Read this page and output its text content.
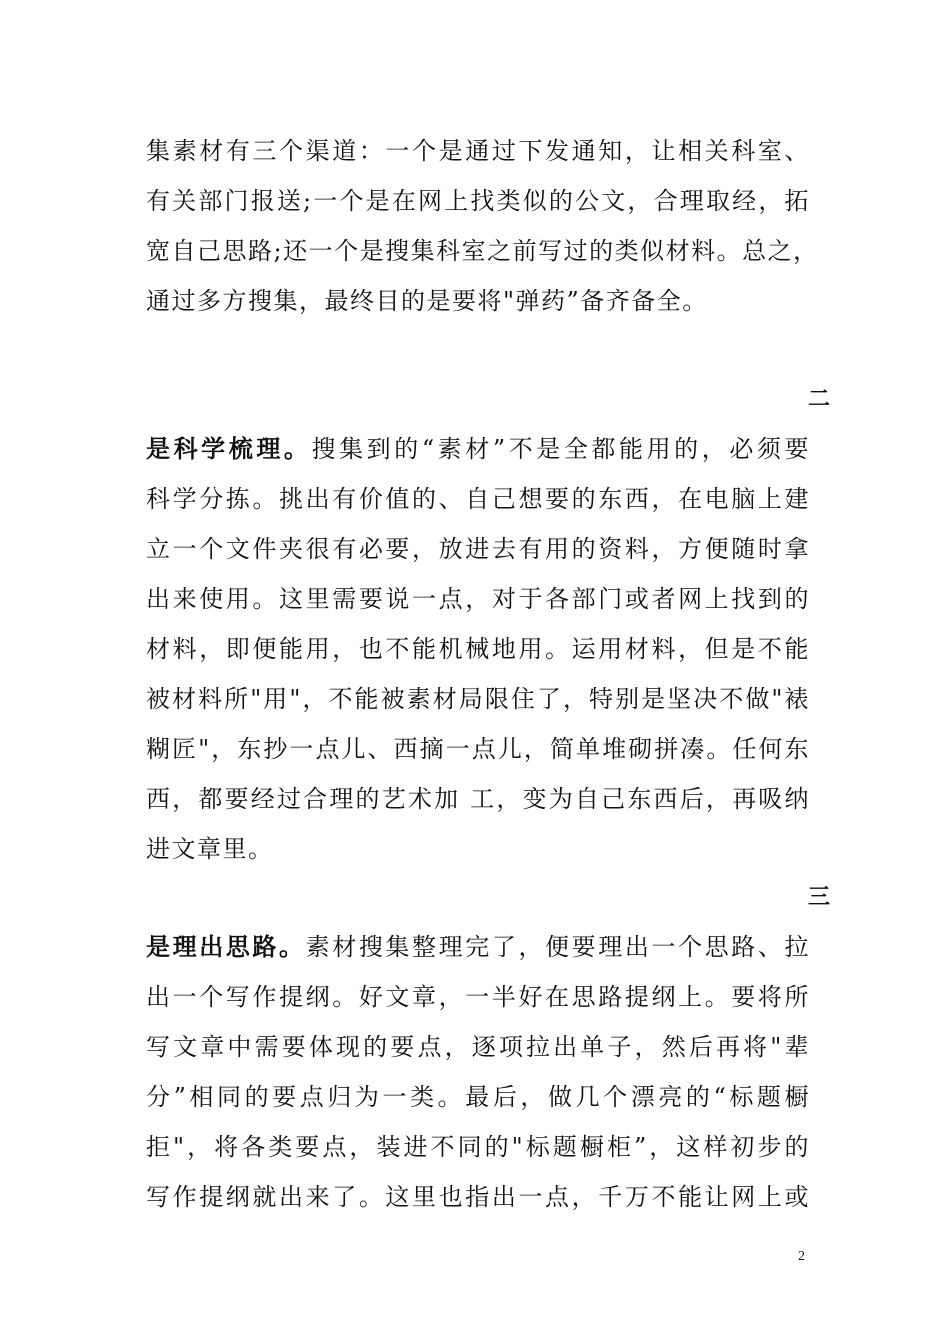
集素材有三个渠道：一个是通过下发通知，让相关科室、
有关部门报送;一个是在网上找类似的公文，合理取经，拓
宽自己思路;还一个是搜集科室之前写过的类似材料。总之，
通过多方搜集，最终目的是要将"弹药”备齐备全。
二
是科学梳理。搜集到的“素材”不是全都能用的，必须要
科学分拣。挑出有价值的、自己想要的东西，在电脑上建
立一个文件夹很有必要，放进去有用的资料，方便随时拿
出来使用。这里需要说一点，对于各部门或者网上找到的
材料，即便能用，也不能机械地用。运用材料，但是不能
被材料所"用"，不能被素材局限住了，特别是坚决不做"裱
糊匠"，东抄一点儿、西摘一点儿，简单堆砌拼凑。任何东
西，都要经过合理的艺术加 工，变为自己东西后，再吸纳
进文章里。
三
是理出思路。素材搜集整理完了，便要理出一个思路、拉
出一个写作提纲。好文章，一半好在思路提纲上。要将所
写文章中需要体现的要点，逐项拉出单子，然后再将"辈
分”相同的要点归为一类。最后，做几个漂亮的“标题橱
拒"，将各类要点，装进不同的"标题橱柜”，这样初步的
写作提纲就出来了。这里也指出一点，千万不能让网上或
2
